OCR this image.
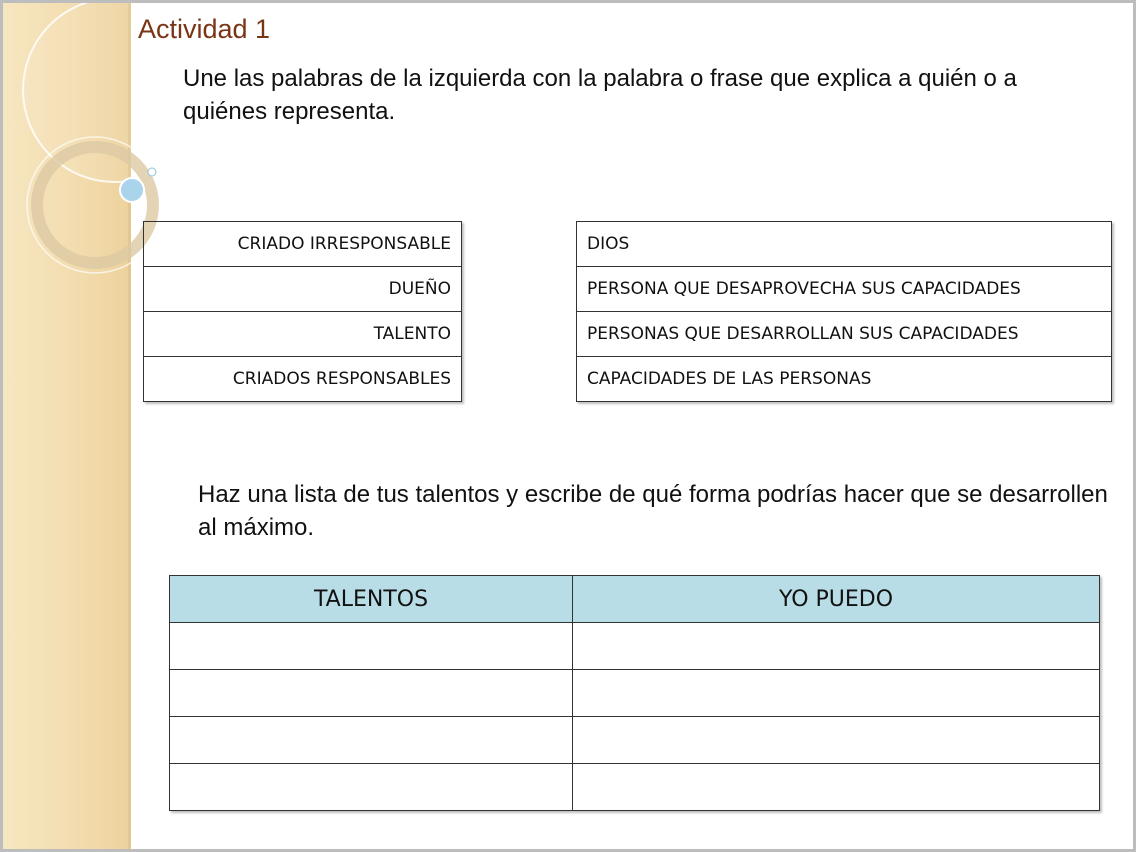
Actividad 1

Une las palabras de la izquierda con la palabra o frase que explica a quién o a quiénes representa.

CRIADO IRRESPONSABLE
DUEÑO
TALENTO
CRIADOS RESPONSABLES
DIOS
PERSONA QUE DESAPROVECHA SUS CAPACIDADES
PERSONAS QUE DESARROLLAN SUS CAPACIDADES
CAPACIDADES DE LAS PERSONAS

Haz una lista de tus talentos y escribe de qué forma podrías hacer que se desarrollen al máximo.

TALENTOS	YO PUEDO
